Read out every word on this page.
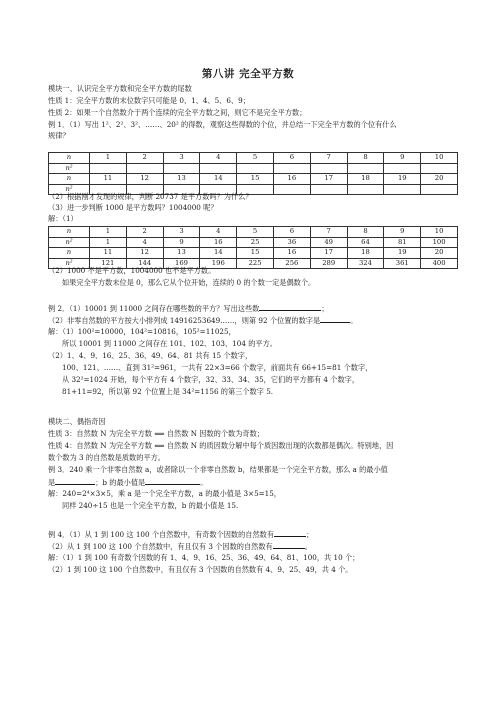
第八讲 完全平方数
模块一、认识完全平方数和完全平方数的尾数
性质 1：完全平方数的末位数字只可能是 0、1、4、5、6、9；
性质 2：如果一个自然数介于两个连续的完全平方数之间，则它不是完全平方数；
例 1．（1）写出 1²、2²、3²、……、20² 的得数，观察这些得数的个位，并总结一下完全平方数的个位有什么
规律？
n	1	2	3	4	5	6	7	8	9	10
n²										
n	11	12	13	14	15	16	17	18	19	20
n²										
（2）根据刚才发现的规律，判断 20737 是平方数吗？为什么？
（3）进一步判断 1000 是平方数吗？1004000 呢？
解：（1）
n	1	2	3	4	5	6	7	8	9	10
n²	1	4	9	16	25	36	49	64	81	100
n	11	12	13	14	15	16	17	18	19	20
n²	121	144	169	196	225	256	289	324	361	400
（2）1000 不是平方数，1004000 也不是平方数。
如果完全平方数末位是 0，那么它从个位开始，连续的 0 的个数一定是偶数个。
例 2．（1）10001 到 11000 之间存在哪些数的平方？写出这些数	；
（2）非零自然数的平方按大小排列成 14916253649……，则第 92 个位置的数字是	。
解：（1）100²=10000，104²=10816，105²=11025，
所以 10001 到 11000 之间存在 101、102、103、104 的平方。
（2）1、4、9、16、25、36、49、64、81 共有 15 个数字，
100、121、……、直到 31²=961，一共有 22×3=66 个数字，前面共有 66+15=81 个数字，
从 32²=1024 开始，每个平方有 4 个数字，32、33、34、35，它们的平方都有 4 个数字，
81+11=92，所以第 92 个位置上是 34²=1156 的第三个数字 5.
模块二、偶指奇因
性质 3：自然数 N 为完全平方数 ⟺ 自然数 N 因数的个数为奇数；
性质 4：自然数 N 为完全平方数 ⟺ 自然数 N 的质因数分解中每个质因数出现的次数都是偶次。特别地，因
数个数为 3 的自然数是质数的平方。
例 3．240 乘一个非零自然数 a，或者除以一个非零自然数 b，结果都是一个完全平方数，那么 a 的最小值
是	；b 的最小值是	。
解：240=2⁴×3×5，乘 a 是一个完全平方数，a 的最小值是 3×5=15，
同样 240÷15 也是一个完全平方数，b 的最小值是 15.
例 4．（1）从 1 到 100 这 100 个自然数中，有奇数个因数的自然数有	；
（2）从 1 到 100 这 100 个自然数中，有且仅有 3 个因数的自然数有	。
解：（1）1 到 100 有奇数个因数的有 1、4、9、16、25、36、49、64、81、100，共 10 个；
（2）1 到 100 这 100 个自然数中，有且仅有 3 个因数的自然数有 4、9、25、49，共 4 个。
